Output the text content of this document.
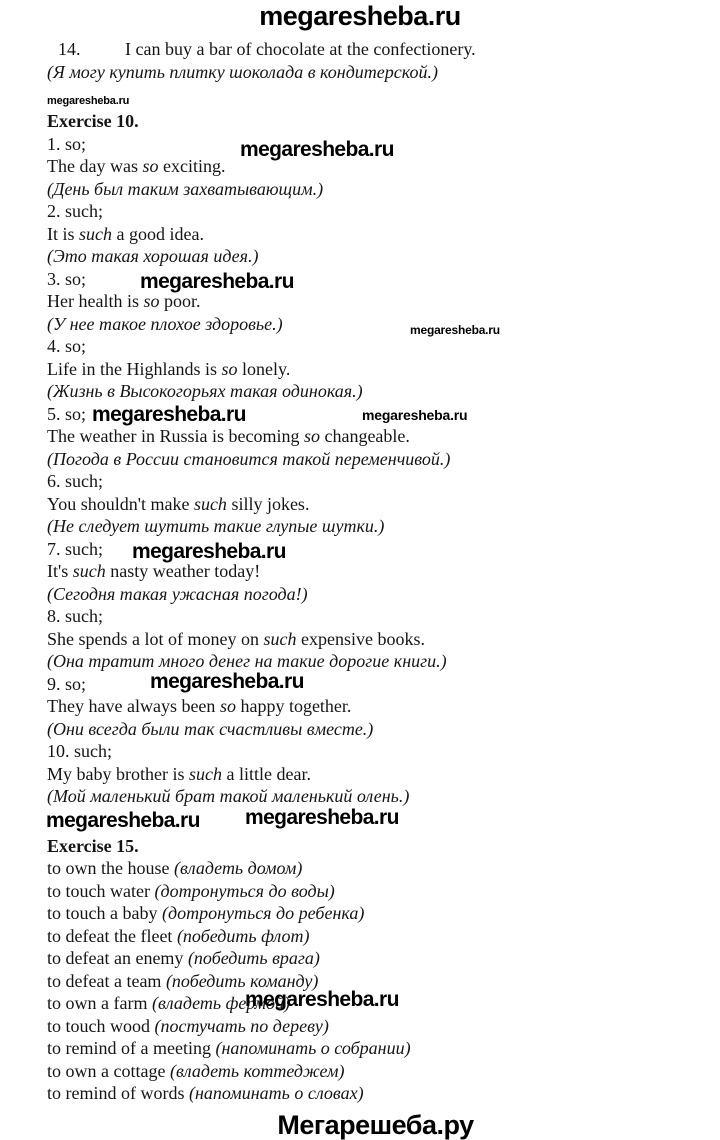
megaresheba.ru
14. I can buy a bar of chocolate at the confectionery.
(Я могу купить плитку шоколада в кондитерской.)
Exercise 10.
1. so;
The day was so exciting.
(День был таким захватывающим.)
2. such;
It is such a good idea.
(Это такая хорошая идея.)
3. so;
Her health is so poor.
(У нее такое плохое здоровье.)
4. so;
Life in the Highlands is so lonely.
(Жизнь в Высокогорьях такая одинокая.)
5. so;
The weather in Russia is becoming so changeable.
(Погода в России становится такой переменчивой.)
6. such;
You shouldn't make such silly jokes.
(Не следует шутить такие глупые шутки.)
7. such;
It's such nasty weather today!
(Сегодня такая ужасная погода!)
8. such;
She spends a lot of money on such expensive books.
(Она тратит много денег на такие дорогие книги.)
9. so;
They have always been so happy together.
(Они всегда были так счастливы вместе.)
10. such;
My baby brother is such a little dear.
(Мой маленький брат такой маленький олень.)
Exercise 15.
to own the house (владеть домом)
to touch water (дотронуться до воды)
to touch a baby (дотронуться до ребенка)
to defeat the fleet (победить флот)
to defeat an enemy (победить врага)
to defeat a team (победить команду)
to own a farm (владеть фермой)
to touch wood (постучать по дереву)
to remind of a meeting (напоминать о собрании)
to own a cottage (владеть коттеджем)
to remind of words (напоминать о словах)
Мегарешеба.ру
megaresheba.ru
megaresheba.ru
megaresheba.ru
megaresheba.ru
megaresheba.ru	megaresheba.ru
megaresheba.ru
megaresheba.ru
megaresheba.ru megaresheba.ru
megaresheba.ru
